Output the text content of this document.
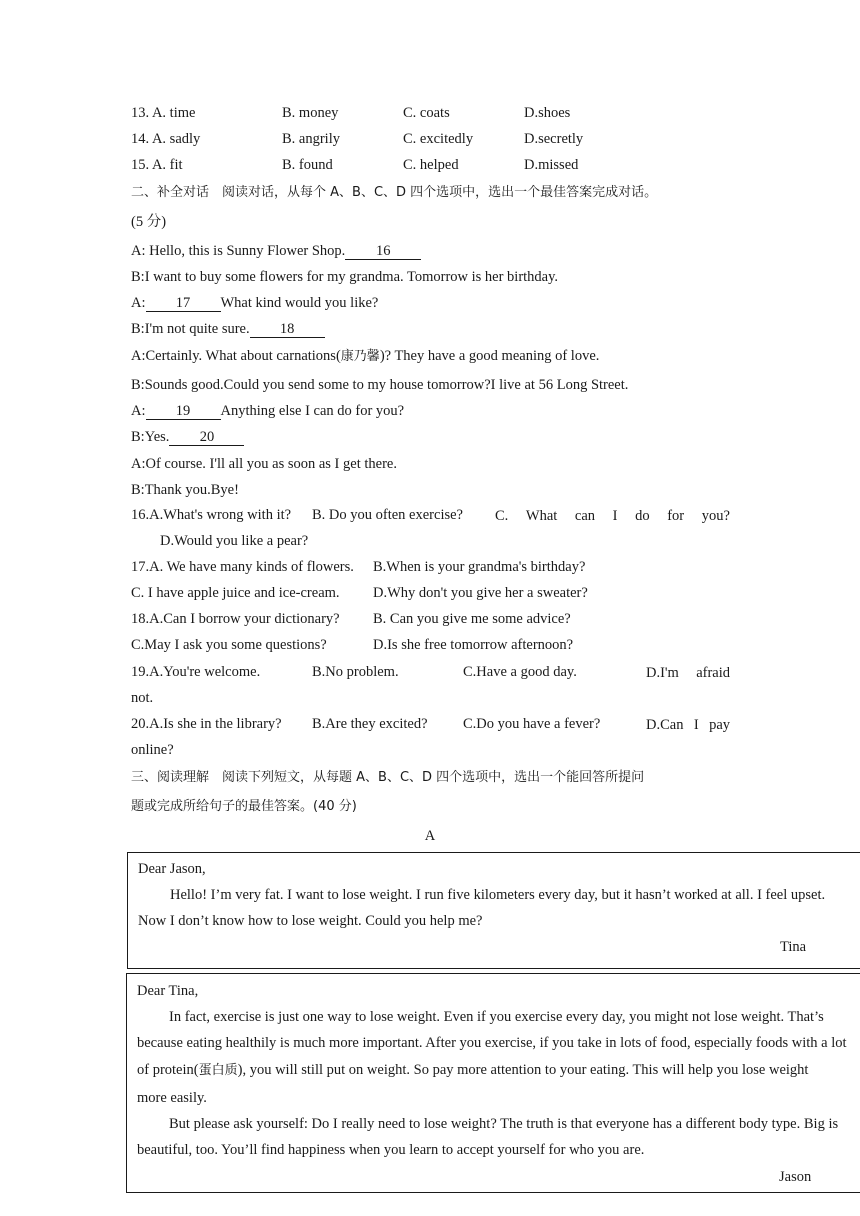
13. A. time	B. money	C. coats	D.shoes
14. A. sadly	B. angrily	C. excitedly	D.secretly
15. A. fit	B. found	C. helped	D.missed
二、补全对话　阅读对话，从每个 A、B、C、D 四个选项中，选出一个最佳答案完成对话。
(5 分)
A: Hello, this is Sunny Flower Shop. 16
B:I want to buy some flowers for my grandma. Tomorrow is her birthday.
A: 17 What kind would you like?
B:I'm not quite sure. 18
A:Certainly. What about carnations(康乃馨)? They have a good meaning of love.
B:Sounds good.Could you send some to my house tomorrow?I live at 56 Long Street.
A: 19 Anything else I can do for you?
B:Yes. 20
A:Of course. I'll all you as soon as I get there.
B:Thank you.Bye!
16.A.What's wrong with it? B. Do you often exercise? C. What can I do for you?
D.Would you like a pear?
17.A. We have many kinds of flowers. B.When is your grandma's birthday?
C. I have apple juice and ice-cream. D.Why don't you give her a sweater?
18.A.Can I borrow your dictionary? B. Can you give me some advice?
C.May I ask you some questions?	D.Is she free tomorrow afternoon?
19.A.You're welcome.	B.No problem.	C.Have a good day.	D.I'm afraid
not.
20.A.Is she in the library? B.Are they excited? C.Do you have a fever?	D.Can I pay
online?
三、阅读理解　阅读下列短文，从每题 A、B、C、D 四个选项中，选出一个能回答所提问
题或完成所给句子的最佳答案。(40 分)
A
Dear Jason,
Hello! I’m very fat. I want to lose weight. I run five kilometers every day, but it hasn’t worked at all. I feel upset.
Now I don’t know how to lose weight. Could you help me?
Tina
Dear Tina,
In fact, exercise is just one way to lose weight. Even if you exercise every day, you might not lose weight. That’s
because eating healthily is much more important. After you exercise, if you take in lots of food, especially foods with a lot
of protein(蛋白质), you will still put on weight. So pay more attention to your eating. This will help you lose weight
more easily.
But please ask yourself: Do I really need to lose weight? The truth is that everyone has a different body type. Big is
beautiful, too. You’ll find happiness when you learn to accept yourself for who you are.
Jason
